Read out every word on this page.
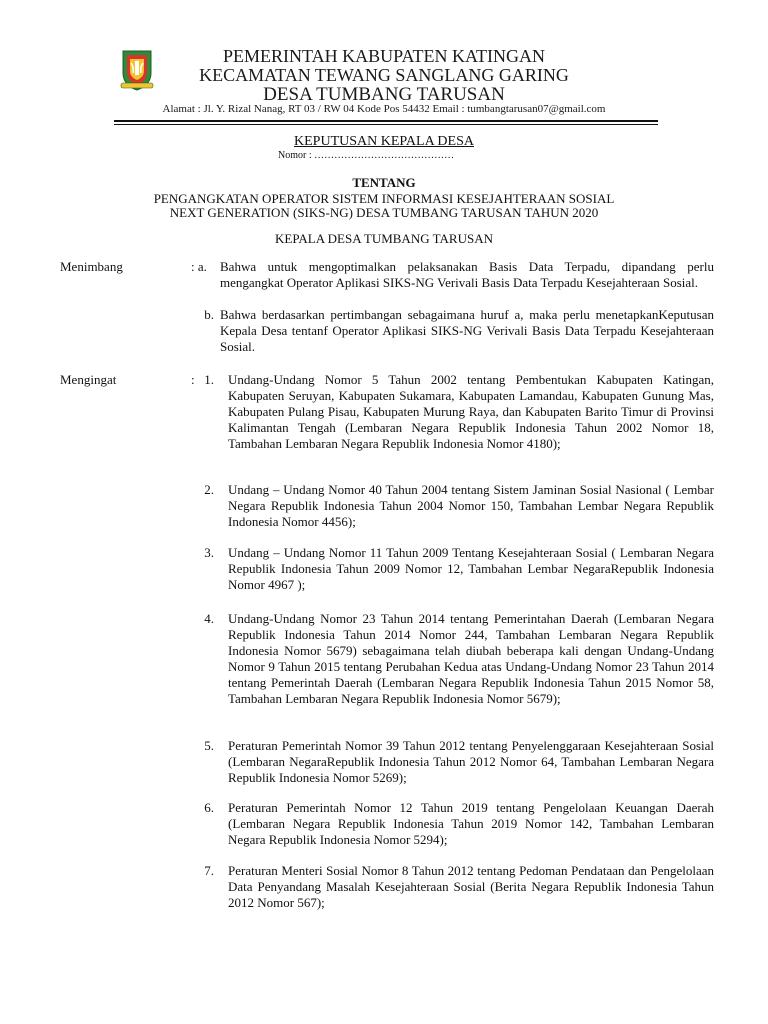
PEMERINTAH KABUPATEN KATINGAN
KECAMATAN TEWANG SANGLANG GARING
DESA TUMBANG TARUSAN
Alamat : Jl. Y. Rizal Nanag, RT 03 / RW 04 Kode Pos 54432 Email : tumbangtarusan07@gmail.com
KEPUTUSAN KEPALA DESA
Nomor : ……………………………………
TENTANG
PENGANGKATAN OPERATOR SISTEM INFORMASI KESEJAHTERAAN SOSIAL
NEXT GENERATION (SIKS-NG) DESA TUMBANG TARUSAN TAHUN 2020
KEPALA DESA TUMBANG TARUSAN
Menimbang	: a. Bahwa untuk mengoptimalkan pelaksanakan Basis Data Terpadu, dipandang perlu mengangkat Operator Aplikasi SIKS-NG Verivali Basis Data Terpadu Kesejahteraan Sosial.
b. Bahwa berdasarkan pertimbangan sebagaimana huruf a, maka perlu menetapkanKeputusan Kepala Desa tentanf Operator Aplikasi SIKS-NG Verivali Basis Data Terpadu Kesejahteraan Sosial.
Mengingat	: 1. Undang-Undang Nomor 5 Tahun 2002 tentang Pembentukan Kabupaten Katingan, Kabupaten Seruyan, Kabupaten Sukamara, Kabupaten Lamandau, Kabupaten Gunung Mas, Kabupaten Pulang Pisau, Kabupaten Murung Raya, dan Kabupaten Barito Timur di Provinsi Kalimantan Tengah (Lembaran Negara Republik Indonesia Tahun 2002 Nomor 18, Tambahan Lembaran Negara Republik Indonesia Nomor 4180);
2. Undang – Undang Nomor 40 Tahun 2004 tentang Sistem Jaminan Sosial Nasional ( Lembar Negara Republik Indonesia Tahun 2004 Nomor 150, Tambahan Lembar Negara Republik Indonesia Nomor 4456);
3. Undang – Undang Nomor 11 Tahun 2009 Tentang Kesejahteraan Sosial ( Lembaran Negara Republik Indonesia Tahun 2009 Nomor 12, Tambahan Lembar NegaraRepublik Indonesia Nomor 4967 );
4. Undang-Undang Nomor 23 Tahun 2014 tentang Pemerintahan Daerah (Lembaran Negara Republik Indonesia Tahun 2014 Nomor 244, Tambahan Lembaran Negara Republik Indonesia Nomor 5679) sebagaimana telah diubah beberapa kali dengan Undang-Undang Nomor 9 Tahun 2015 tentang Perubahan Kedua atas Undang-Undang Nomor 23 Tahun 2014 tentang Pemerintah Daerah (Lembaran Negara Republik Indonesia Tahun 2015 Nomor 58, Tambahan Lembaran Negara Republik Indonesia Nomor 5679);
5. Peraturan Pemerintah Nomor 39 Tahun 2012 tentang Penyelenggaraan Kesejahteraan Sosial (Lembaran NegaraRepublik Indonesia Tahun 2012 Nomor 64, Tambahan Lembaran Negara Republik Indonesia Nomor 5269);
6. Peraturan Pemerintah Nomor 12 Tahun 2019 tentang Pengelolaan Keuangan Daerah (Lembaran Negara Republik Indonesia Tahun 2019 Nomor 142, Tambahan Lembaran Negara Republik Indonesia Nomor 5294);
7. Peraturan Menteri Sosial Nomor 8 Tahun 2012 tentang Pedoman Pendataan dan Pengelolaan Data Penyandang Masalah Kesejahteraan Sosial (Berita Negara Republik Indonesia Tahun 2012 Nomor 567);
